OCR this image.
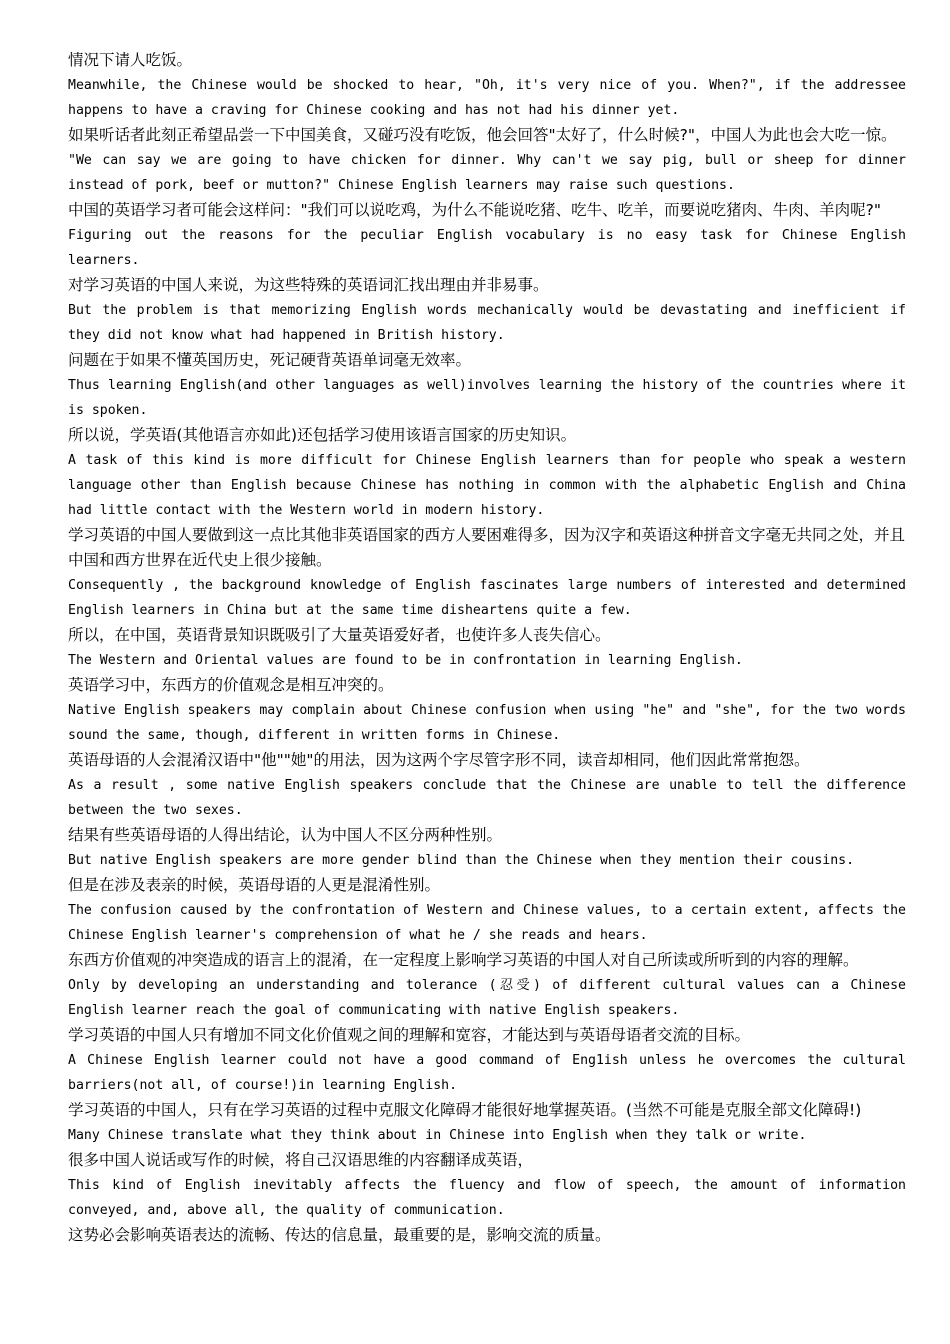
情况下请人吃饭。

Meanwhile, the Chinese would be shocked to hear, "Oh, it's very nice of you. When?", if the addressee happens to have a craving for Chinese cooking and has not had his dinner yet.

如果听话者此刻正希望品尝一下中国美食，又碰巧没有吃饭，他会回答"太好了，什么时候?"，中国人为此也会大吃一惊。

"We can say we are going to have chicken for dinner. Why can't we say pig, bull or sheep for dinner instead of pork, beef or mutton?" Chinese English learners may raise such questions.

中国的英语学习者可能会这样问："我们可以说吃鸡，为什么不能说吃猪、吃牛、吃羊，而要说吃猪肉、牛肉、羊肉呢?"

Figuring out the reasons for the peculiar English vocabulary is no easy task for Chinese English learners.

对学习英语的中国人来说，为这些特殊的英语词汇找出理由并非易事。

But the problem is that memorizing English words mechanically would be devastating and inefficient if they did not know what had happened in British history.

问题在于如果不懂英国历史，死记硬背英语单词毫无效率。

Thus learning English(and other languages as well)involves learning the history of the countries where it is spoken.

所以说，学英语(其他语言亦如此)还包括学习使用该语言国家的历史知识。

A task of this kind is more difficult for Chinese English learners than for people who speak a western language other than English because Chinese has nothing in common with the alphabetic English and China had little contact with the Western world in modern history.

学习英语的中国人要做到这一点比其他非英语国家的西方人要困难得多，因为汉字和英语这种拼音文字毫无共同之处，并且中国和西方世界在近代史上很少接触。

Consequently , the background knowledge of English fascinates large numbers of interested and determined English learners in China but at the same time disheartens quite a few.

所以，在中国，英语背景知识既吸引了大量英语爱好者，也使许多人丧失信心。

The Western and Oriental values are found to be in confrontation in learning English.

英语学习中，东西方的价值观念是相互冲突的。

Native English speakers may complain about Chinese confusion when using "he" and "she", for the two words sound the same, though, different in written forms in Chinese.

英语母语的人会混淆汉语中"他""她"的用法，因为这两个字尽管字形不同，读音却相同，他们因此常常抱怨。

As a result , some native English speakers conclude that the Chinese are unable to tell the difference between the two sexes.

结果有些英语母语的人得出结论，认为中国人不区分两种性别。

But native English speakers are more gender blind than the Chinese when they mention their cousins.

但是在涉及表亲的时候，英语母语的人更是混淆性别。

The confusion caused by the confrontation of Western and Chinese values, to a certain extent, affects the Chinese English learner's comprehension of what he / she reads and hears.

东西方价值观的冲突造成的语言上的混淆，在一定程度上影响学习英语的中国人对自己所读或所听到的内容的理解。

Only by developing an understanding and tolerance (忍受) of different cultural values can a Chinese English learner reach the goal of communicating with native English speakers.

学习英语的中国人只有增加不同文化价值观之间的理解和宽容，才能达到与英语母语者交流的目标。

A Chinese English learner could not have a good command of Eng1ish unless he overcomes the cultural barriers(not all, of course!)in learning English.

学习英语的中国人，只有在学习英语的过程中克服文化障碍才能很好地掌握英语。(当然不可能是克服全部文化障碍!)

Many Chinese translate what they think about in Chinese into English when they talk or write.

很多中国人说话或写作的时候，将自己汉语思维的内容翻译成英语，

This kind of English inevitably affects the fluency and flow of speech, the amount of information conveyed, and, above all, the quality of communication.

这势必会影响英语表达的流畅、传达的信息量，最重要的是，影响交流的质量。
